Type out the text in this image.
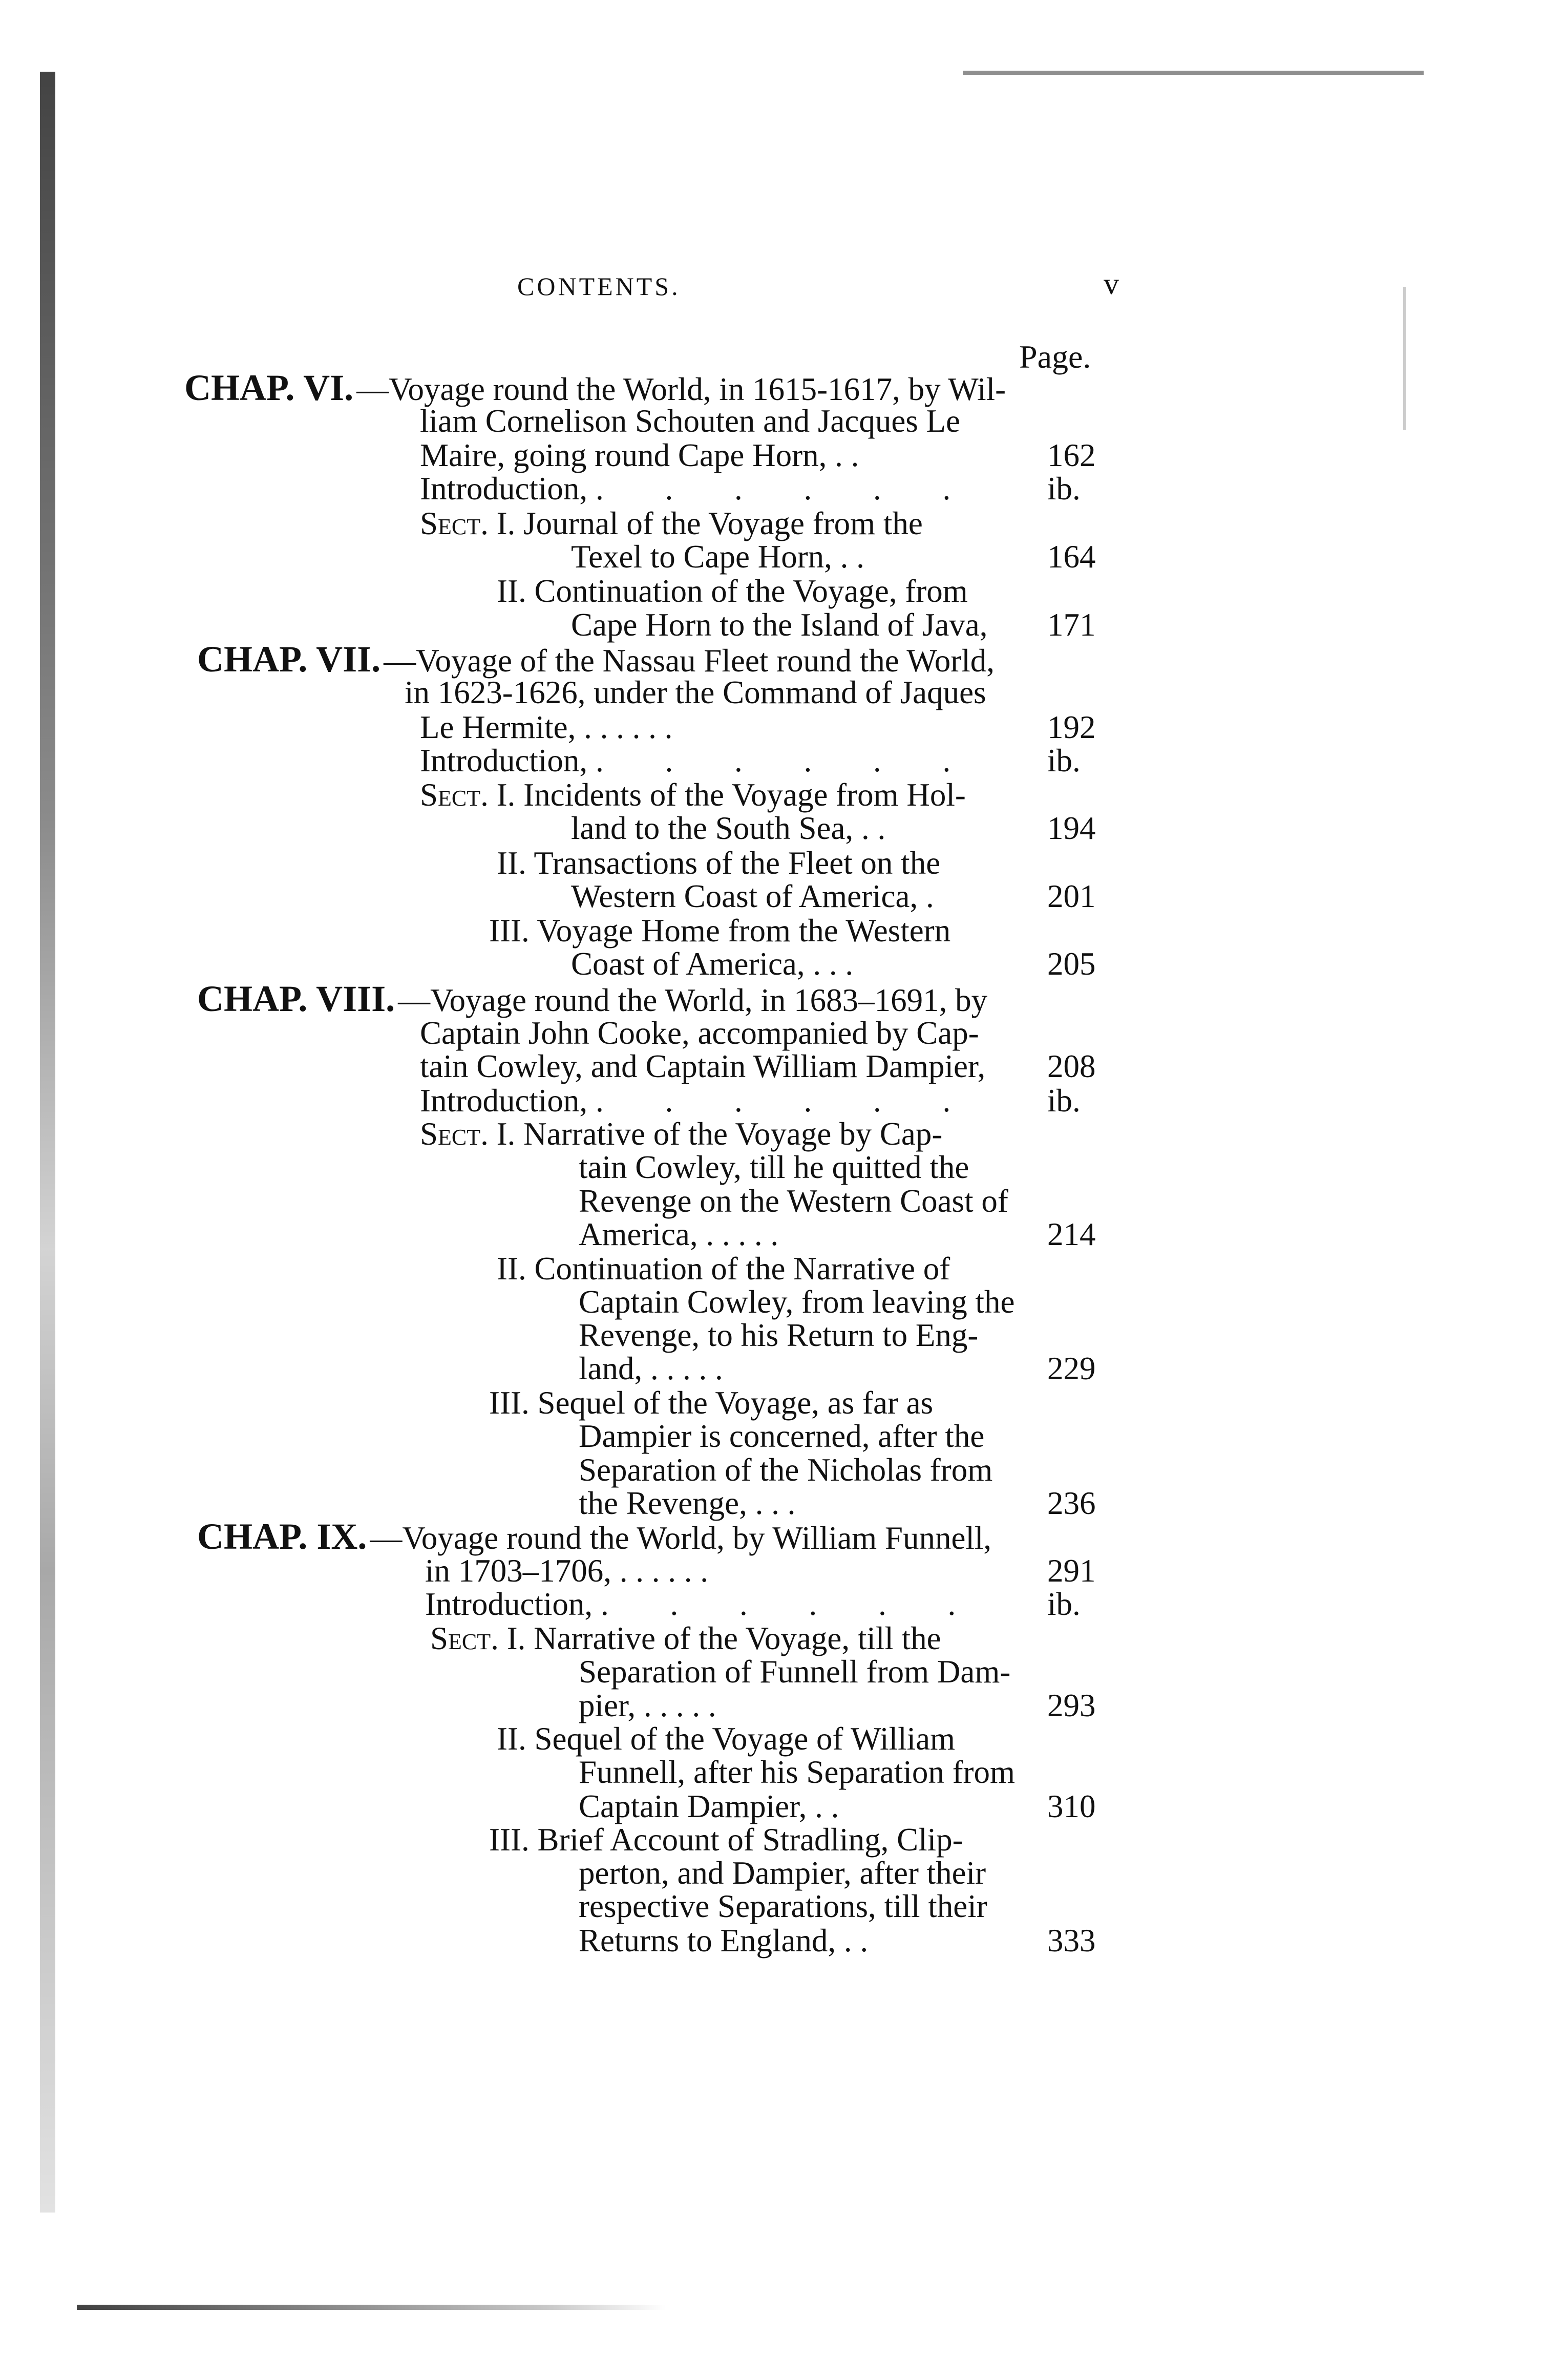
CONTENTS.	v
Page.
CHAP. VI.—Voyage round the World, in 1615-1617, by Wil-
liam Cornelison Schouten and Jacques Le
Maire, going round Cape Horn, . .	162
Introduction, . . . . . . ib.
Sect. I. Journal of the Voyage from the
Texel to Cape Horn, . .	164
II. Continuation of the Voyage, from
Cape Horn to the Island of Java, 171
CHAP. VII.—Voyage of the Nassau Fleet round the World,
in 1623-1626, under the Command of Jaques
Le Hermite, . . . . . .	192
Introduction, . . . . . . ib.
Sect. I. Incidents of the Voyage from Hol-
land to the South Sea, . .	194
II. Transactions of the Fleet on the
Western Coast of America, .	201
III. Voyage Home from the Western
Coast of America, . . .	205
CHAP. VIII.—Voyage round the World, in 1683–1691, by
Captain John Cooke, accompanied by Cap-
tain Cowley, and Captain William Dampier, 208
Introduction, . . . . . . ib.
Sect. I. Narrative of the Voyage by Cap-
tain Cowley, till he quitted the
Revenge on the Western Coast of
America, . . . . .	214
II. Continuation of the Narrative of
Captain Cowley, from leaving the
Revenge, to his Return to Eng-
land, . . . . .	229
III. Sequel of the Voyage, as far as
Dampier is concerned, after the
Separation of the Nicholas from
the Revenge, . . .	236
CHAP. IX.—Voyage round the World, by William Funnell,
in 1703–1706, . . . . . .	291
Introduction, . . . . . . ib.
Sect. I. Narrative of the Voyage, till the
Separation of Funnell from Dam-
pier, . . . . .	293
II. Sequel of the Voyage of William
Funnell, after his Separation from
Captain Dampier, . .	310
III. Brief Account of Stradling, Clip-
perton, and Dampier, after their
respective Separations, till their
Returns to England, . .	333
